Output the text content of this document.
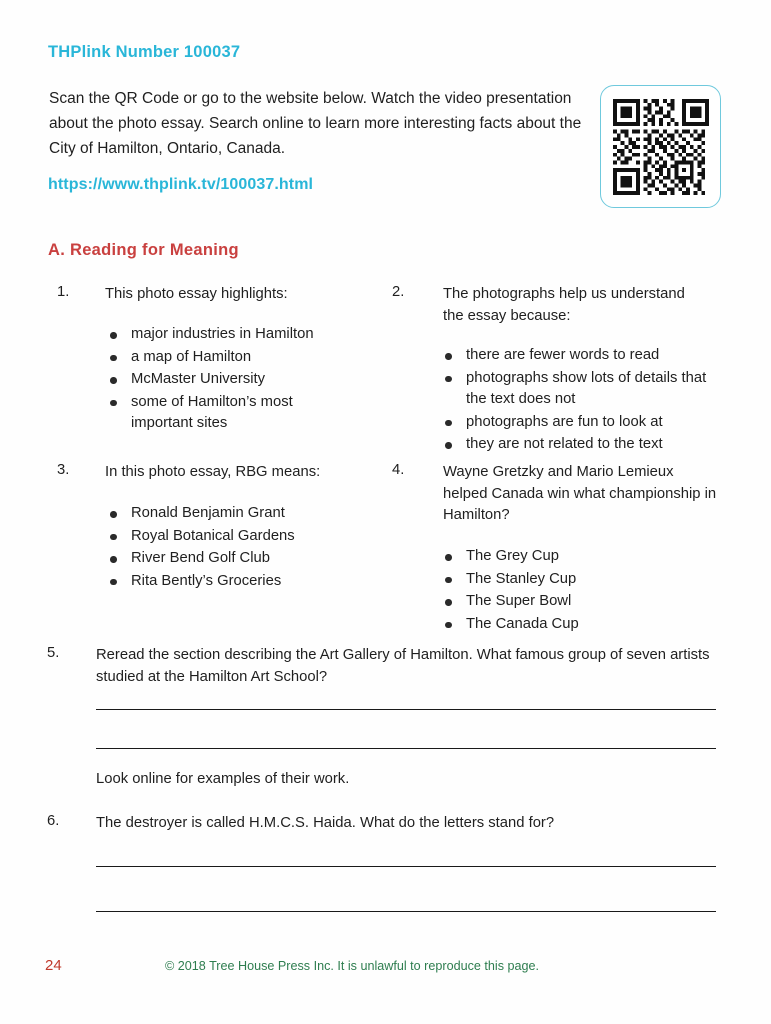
THPlink Number 100037
Scan the QR Code or go to the website below. Watch the video presentation about the photo essay. Search online to learn more interesting facts about the City of Hamilton, Ontario, Canada.
https://www.thplink.tv/100037.html
A. Reading for Meaning
1. This photo essay highlights:
major industries in Hamilton
a map of Hamilton
McMaster University
some of Hamilton’s most important sites
2.	The photographs help us understand the essay because:
there are fewer words to read
photographs show lots of details that the text does not
photographs are fun to look at
they are not related to the text
3. In this photo essay, RBG means:
Ronald Benjamin Grant
Royal Botanical Gardens
River Bend Golf Club
Rita Bently’s Groceries
4.	Wayne Gretzky and Mario Lemieux helped Canada win what championship in Hamilton?
The Grey Cup
The Stanley Cup
The Super Bowl
The Canada Cup
5. Reread the section describing the Art Gallery of Hamilton. What famous group of seven artists studied at the Hamilton Art School?
Look online for examples of their work.
6. The destroyer is called H.M.C.S. Haida. What do the letters stand for?
24	© 2018 Tree House Press Inc. It is unlawful to reproduce this page.
